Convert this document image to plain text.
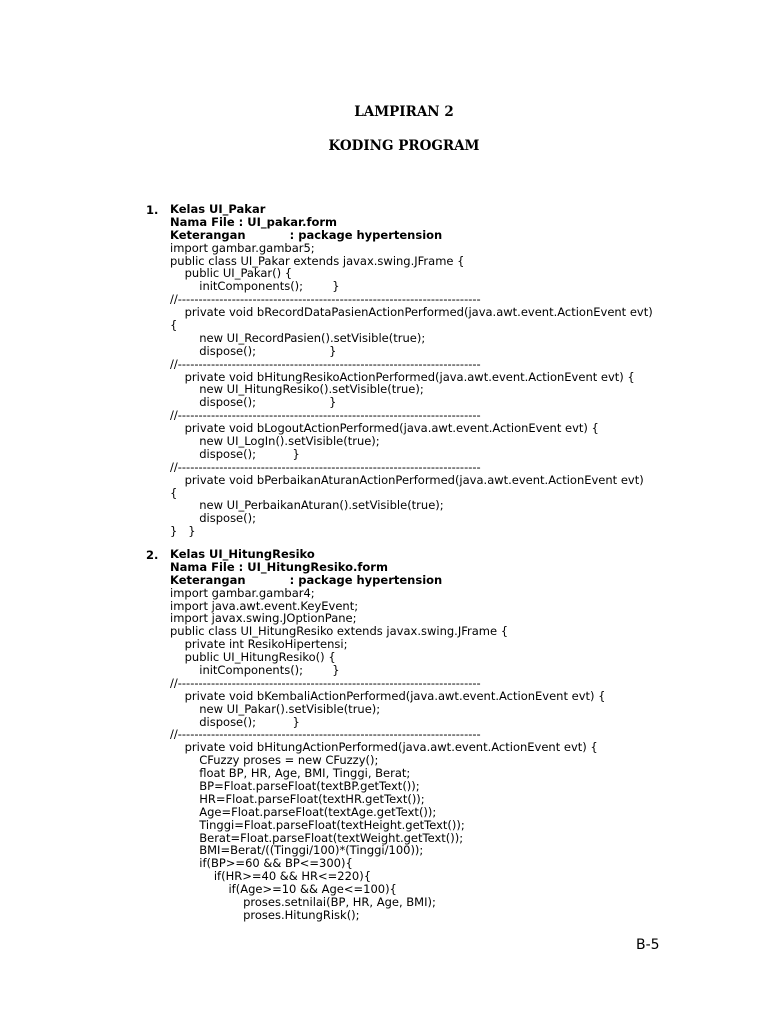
LAMPIRAN 2
KODING PROGRAM
1. Kelas UI_Pakar
Nama File : UI_pakar.form
Keterangan           : package hypertension
import gambar.gambar5;
public class UI_Pakar extends javax.swing.JFrame {
public UI_Pakar() {
initComponents();        }
//-------------------------------------------------------------------------
private void bRecordDataPasienActionPerformed(java.awt.event.ActionEvent evt)
{
new UI_RecordPasien().setVisible(true);
dispose();                    }
//-------------------------------------------------------------------------
private void bHitungResikoActionPerformed(java.awt.event.ActionEvent evt) {
new UI_HitungResiko().setVisible(true);
dispose();                    }
//-------------------------------------------------------------------------
private void bLogoutActionPerformed(java.awt.event.ActionEvent evt) {
new UI_LogIn().setVisible(true);
dispose();          }
//-------------------------------------------------------------------------
private void bPerbaikanAturanActionPerformed(java.awt.event.ActionEvent evt)
{
new UI_PerbaikanAturan().setVisible(true);
dispose();
}   }
2. Kelas UI_HitungResiko
Nama File : UI_HitungResiko.form
Keterangan           : package hypertension
import gambar.gambar4;
import java.awt.event.KeyEvent;
import javax.swing.JOptionPane;
public class UI_HitungResiko extends javax.swing.JFrame {
private int ResikoHipertensi;
public UI_HitungResiko() {
initComponents();        }
//-------------------------------------------------------------------------
private void bKembaliActionPerformed(java.awt.event.ActionEvent evt) {
new UI_Pakar().setVisible(true);
dispose();          }
//-------------------------------------------------------------------------
private void bHitungActionPerformed(java.awt.event.ActionEvent evt) {
CFuzzy proses = new CFuzzy();
float BP, HR, Age, BMI, Tinggi, Berat;
BP=Float.parseFloat(textBP.getText());
HR=Float.parseFloat(textHR.getText());
Age=Float.parseFloat(textAge.getText());
Tinggi=Float.parseFloat(textHeight.getText());
Berat=Float.parseFloat(textWeight.getText());
BMI=Berat/((Tinggi/100)*(Tinggi/100));
if(BP>=60 && BP<=300){
if(HR>=40 && HR<=220){
if(Age>=10 && Age<=100){
proses.setnilai(BP, HR, Age, BMI);
proses.HitungRisk();
B-5
